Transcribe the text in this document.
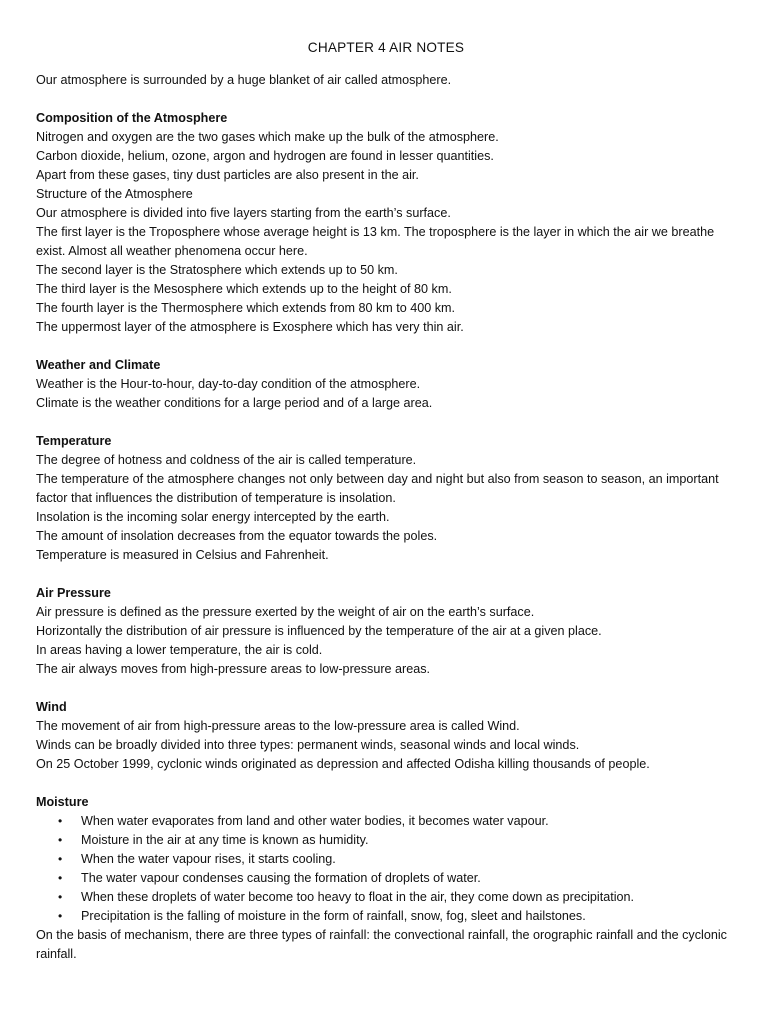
CHAPTER 4 AIR NOTES

Our atmosphere is surrounded by a huge blanket of air called atmosphere.

Composition of the Atmosphere

Nitrogen and oxygen are the two gases which make up the bulk of the atmosphere.

Carbon dioxide, helium, ozone, argon and hydrogen are found in lesser quantities.

Apart from these gases, tiny dust particles are also present in the air.

Structure of the Atmosphere

Our atmosphere is divided into five layers starting from the earth’s surface.

The first layer is the Troposphere whose average height is 13 km. The troposphere is the layer in which the air we breathe exist. Almost all weather phenomena occur here.

The second layer is the Stratosphere which extends up to 50 km.

The third layer is the Mesosphere which extends up to the height of 80 km.

The fourth layer is the Thermosphere which extends from 80 km to 400 km.

The uppermost layer of the atmosphere is Exosphere which has very thin air.

Weather and Climate

Weather is the Hour-to-hour, day-to-day condition of the atmosphere.

Climate is the weather conditions for a large period and of a large area.

Temperature

The degree of hotness and coldness of the air is called temperature.

The temperature of the atmosphere changes not only between day and night but also from season to season, an important factor that influences the distribution of temperature is insolation.

Insolation is the incoming solar energy intercepted by the earth.

The amount of insolation decreases from the equator towards the poles.

Temperature is measured in Celsius and Fahrenheit.

Air Pressure

Air pressure is defined as the pressure exerted by the weight of air on the earth’s surface.

Horizontally the distribution of air pressure is influenced by the temperature of the air at a given place.

In areas having a lower temperature, the air is cold.

The air always moves from high-pressure areas to low-pressure areas.

Wind

The movement of air from high-pressure areas to the low-pressure area is called Wind.

Winds can be broadly divided into three types: permanent winds, seasonal winds and local winds.

On 25 October 1999, cyclonic winds originated as depression and affected Odisha killing thousands of people.

Moisture

• When water evaporates from land and other water bodies, it becomes water vapour.
• Moisture in the air at any time is known as humidity.
• When the water vapour rises, it starts cooling.
• The water vapour condenses causing the formation of droplets of water.
• When these droplets of water become too heavy to float in the air, they come down as precipitation.
• Precipitation is the falling of moisture in the form of rainfall, snow, fog, sleet and hailstones.

On the basis of mechanism, there are three types of rainfall: the convectional rainfall, the orographic rainfall and the cyclonic rainfall.
